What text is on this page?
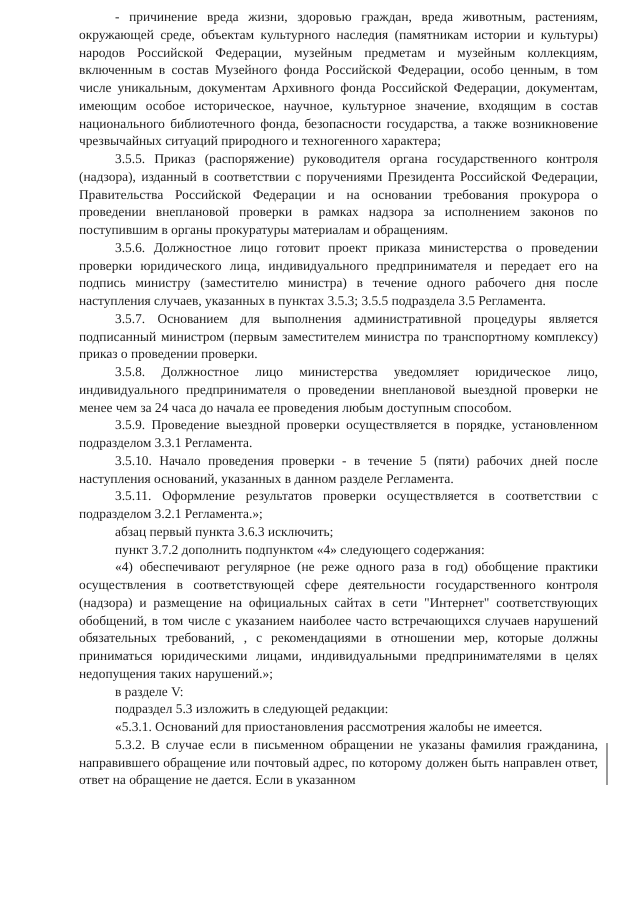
- причинение вреда жизни, здоровью граждан, вреда животным, растениям, окружающей среде, объектам культурного наследия (памятникам истории и культуры) народов Российской Федерации, музейным предметам и музейным коллекциям, включенным в состав Музейного фонда Российской Федерации, особо ценным, в том числе уникальным, документам Архивного фонда Российской Федерации, документам, имеющим особое историческое, научное, культурное значение, входящим в состав национального библиотечного фонда, безопасности государства, а также возникновение чрезвычайных ситуаций природного и техногенного характера;

3.5.5. Приказ (распоряжение) руководителя органа государственного контроля (надзора), изданный в соответствии с поручениями Президента Российской Федерации, Правительства Российской Федерации и на основании требования прокурора о проведении внеплановой проверки в рамках надзора за исполнением законов по поступившим в органы прокуратуры материалам и обращениям.

3.5.6. Должностное лицо готовит проект приказа министерства о проведении проверки юридического лица, индивидуального предпринимателя и передает его на подпись министру (заместителю министра) в течение одного рабочего дня после наступления случаев, указанных в пунктах 3.5.3; 3.5.5 подраздела 3.5 Регламента.

3.5.7. Основанием для выполнения административной процедуры является подписанный министром (первым заместителем министра по транспортному комплексу) приказ о проведении проверки.

3.5.8. Должностное лицо министерства уведомляет юридическое лицо, индивидуального предпринимателя о проведении внеплановой выездной проверки не менее чем за 24 часа до начала ее проведения любым доступным способом.

3.5.9. Проведение выездной проверки осуществляется в порядке, установленном подразделом 3.3.1 Регламента.

3.5.10. Начало проведения проверки - в течение 5 (пяти) рабочих дней после наступления оснований, указанных в данном разделе Регламента.

3.5.11. Оформление результатов проверки осуществляется в соответствии с подразделом 3.2.1 Регламента.»;

абзац первый пункта 3.6.3 исключить;

пункт 3.7.2 дополнить подпунктом «4» следующего содержания:

«4) обеспечивают регулярное (не реже одного раза в год) обобщение практики осуществления в соответствующей сфере деятельности государственного контроля (надзора) и размещение на официальных сайтах в сети "Интернет" соответствующих обобщений, в том числе с указанием наиболее часто встречающихся случаев нарушений обязательных требований, , с рекомендациями в отношении мер, которые должны приниматься юридическими лицами, индивидуальными предпринимателями в целях недопущения таких нарушений.»;

в разделе V:

подраздел 5.3 изложить в следующей редакции:

«5.3.1. Оснований для приостановления рассмотрения жалобы не имеется.

5.3.2. В случае если в письменном обращении не указаны фамилия гражданина, направившего обращение или почтовый адрес, по которому должен быть направлен ответ, ответ на обращение не дается. Если в указанном
